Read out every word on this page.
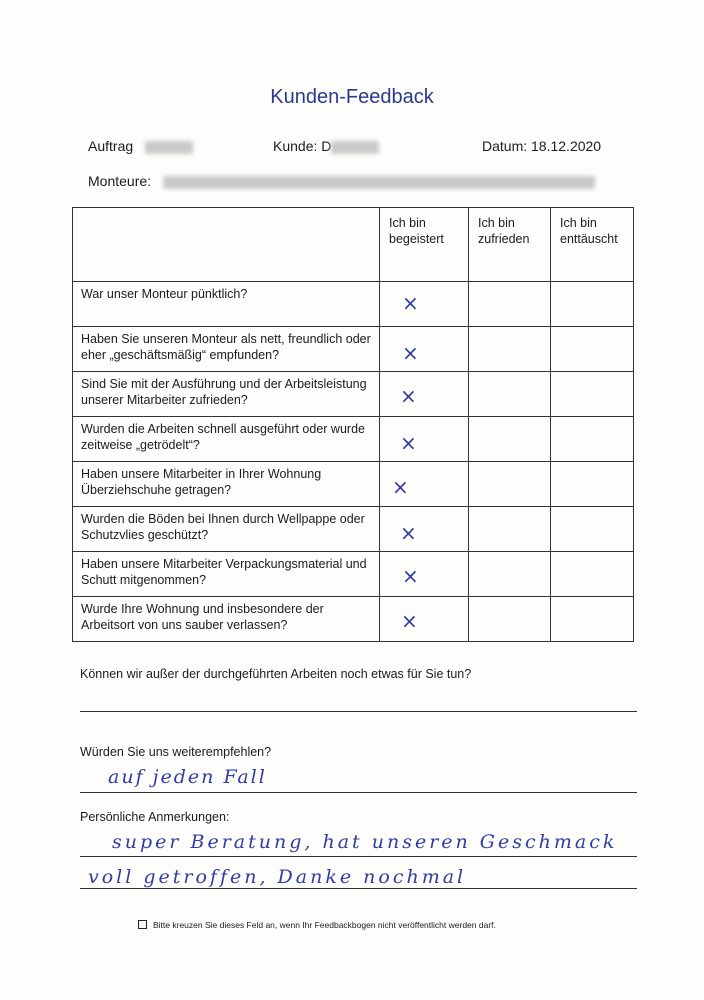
Kunden-Feedback
Auftrag	Kunde: D	Datum: 18.12.2020
Monteure:

	Ich bin begeistert	Ich bin zufrieden	Ich bin enttäuscht

War unser Monteur pünktlich?	×		

Haben Sie unseren Monteur als nett, freundlich oder eher „geschäftsmäßig“ empfunden?	×		

Sind Sie mit der Ausführung und der Arbeitsleistung unserer Mitarbeiter zufrieden?	×		

Wurden die Arbeiten schnell ausgeführt oder wurde zeitweise „getrödelt“?	×		

Haben unsere Mitarbeiter in Ihrer Wohnung Überziehschuhe getragen?	×		

Wurden die Böden bei Ihnen durch Wellpappe oder Schutzvlies geschützt?	×		

Haben unsere Mitarbeiter Verpackungsmaterial und Schutt mitgenommen?	×		

Wurde Ihre Wohnung und insbesondere der Arbeitsort von uns sauber verlassen?	×		

Können wir außer der durchgeführten Arbeiten noch etwas für Sie tun?
Würden Sie uns weiterempfehlen?
auf jeden Fall
Persönliche Anmerkungen:
super Beratung, hat unseren Geschmack
voll getroffen, Danke nochmal
Bitte kreuzen Sie dieses Feld an, wenn Ihr Feedbackbogen nicht veröffentlicht werden darf.
